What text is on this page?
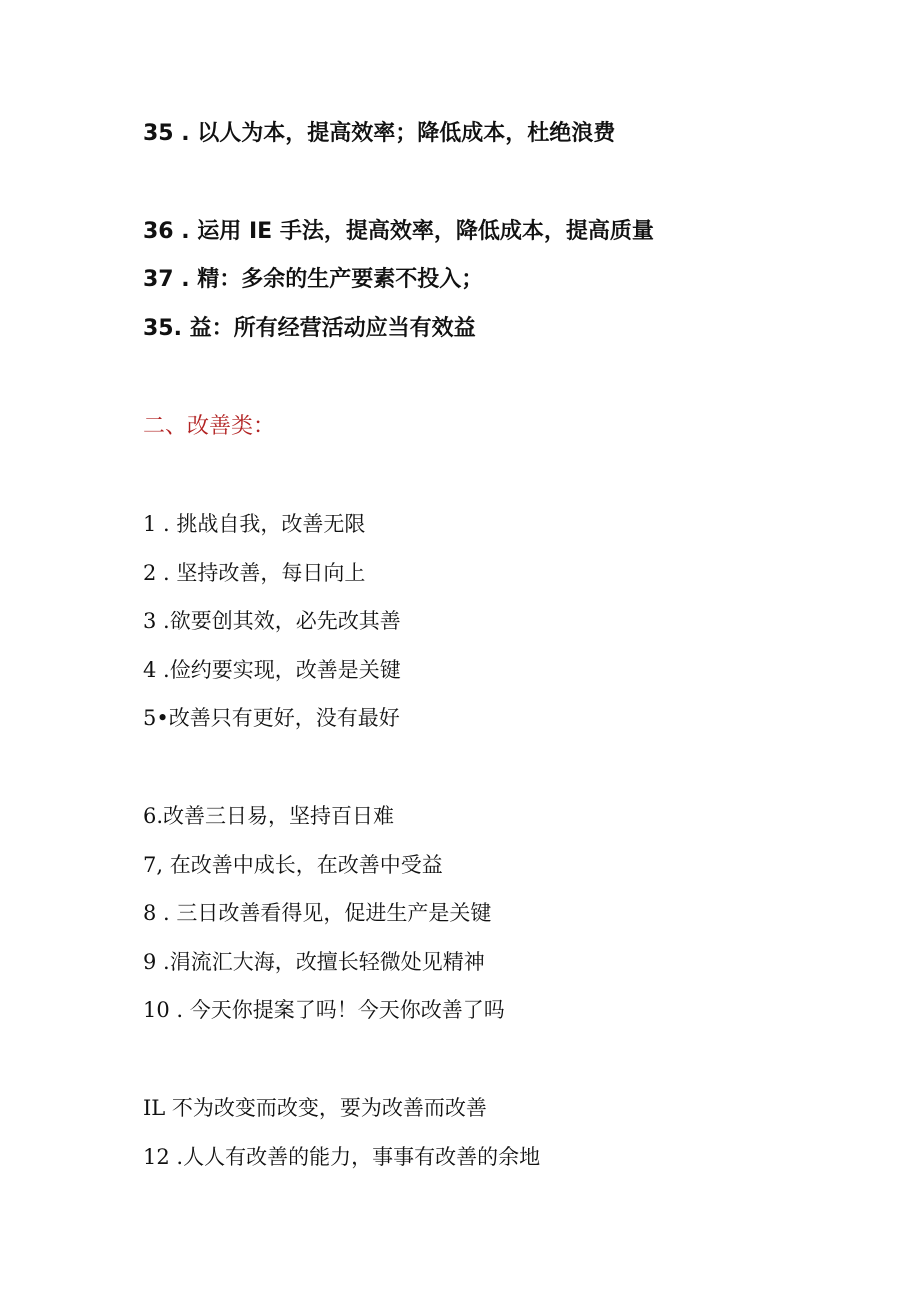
35 . 以人为本，提高效率；降低成本，杜绝浪费

36 . 运用 IE 手法，提高效率，降低成本，提高质量

37 . 精：多余的生产要素不投入；

35. 益：所有经营活动应当有效益

二、改善类：

1 . 挑战自我，改善无限

2 . 坚持改善，每日向上

3 .欲要创其效，必先改其善

4 .俭约要实现，改善是关键

5•改善只有更好，没有最好

6.改善三日易，坚持百日难

7, 在改善中成长，在改善中受益

8 . 三日改善看得见，促进生产是关键

9 .涓流汇大海，改擅长轻微处见精神

10 . 今天你提案了吗！今天你改善了吗

IL 不为改变而改变，要为改善而改善

12 .人人有改善的能力，事事有改善的余地
